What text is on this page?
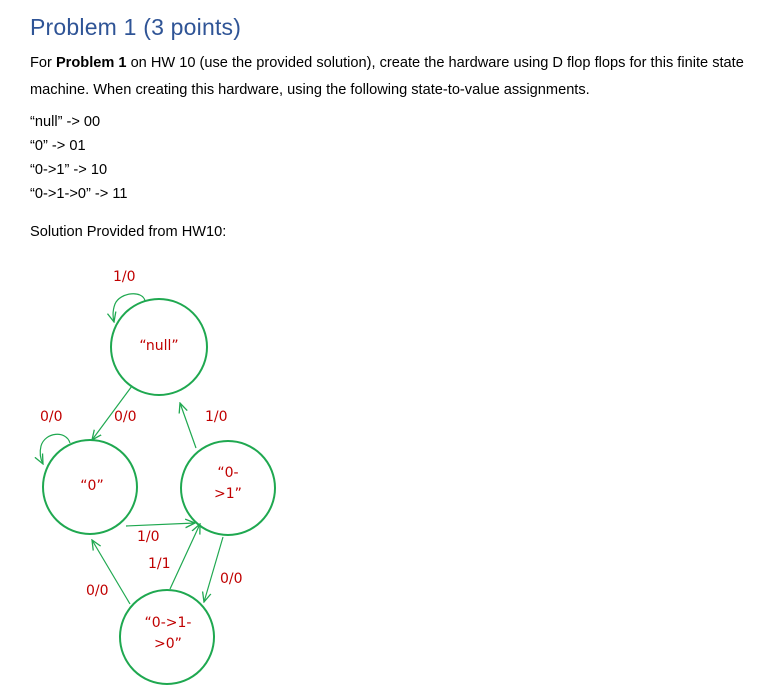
Problem 1 (3 points)
For Problem 1 on HW 10 (use the provided solution), create the hardware using D flop flops for this finite state machine. When creating this hardware, using the following state-to-value assignments.
“null” -> 00
“0” -> 01
“0->1” -> 10
“0->1->0” -> 11
Solution Provided from HW10:
“null”
“0”
“0-
>1”
“0->1-
>0”
1/0
0/0	0/0	1/0
1/0
1/1
0/0
0/0
